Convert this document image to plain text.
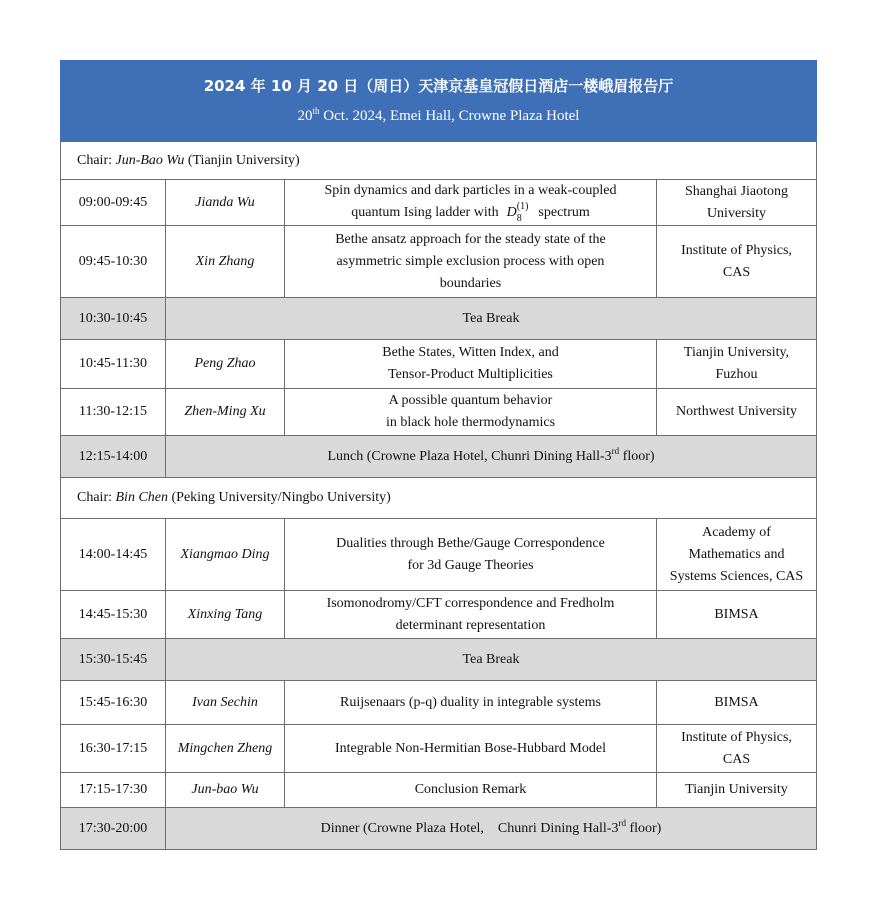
2024 年 10 月 20 日（周日）天津京基皇冠假日酒店一楼峨眉报告厅
20th Oct. 2024, Emei Hall, Crowne Plaza Hotel			

Chair: Jun-Bao Wu (Tianjin University)			
09:00-09:45	Jianda Wu	Spin dynamics and dark particles in a weak-coupled
quantum Ising ladder with $D_8^{(1)}$ spectrum	Shanghai Jiaotong
University

09:45-10:30	Xin Zhang	Bethe ansatz approach for the steady state of the
asymmetric simple exclusion process with open
boundaries	Institute of Physics,
CAS

10:30-10:45	Tea Break		
10:45-11:30	Peng Zhao	Bethe States, Witten Index, and
Tensor-Product Multiplicities	Tianjin University,
Fuzhou

11:30-12:15	Zhen-Ming Xu	A possible quantum behavior
in black hole thermodynamics	Northwest University
12:15-14:00	Lunch (Crowne Plaza Hotel, Chunri Dining Hall-3rd floor)		
Chair: Bin Chen (Peking University/Ningbo University)			
14:00-14:45	Xiangmao Ding	Dualities through Bethe/Gauge Correspondence
for 3d Gauge Theories	Academy of
Mathematics and
Systems Sciences, CAS

14:45-15:30	Xinxing Tang	Isomonodromy/CFT correspondence and Fredholm
determinant representation	BIMSA
15:30-15:45	Tea Break		
15:45-16:30	Ivan Sechin	Ruijsenaars (p-q) duality in integrable systems	BIMSA
16:30-17:15	Mingchen Zheng	Integrable Non-Hermitian Bose-Hubbard Model	Institute of Physics,
CAS

17:15-17:30	Jun-bao Wu	Conclusion Remark	Tianjin University
17:30-20:00	Dinner (Crowne Plaza Hotel,    Chunri Dining Hall-3rd floor)		
